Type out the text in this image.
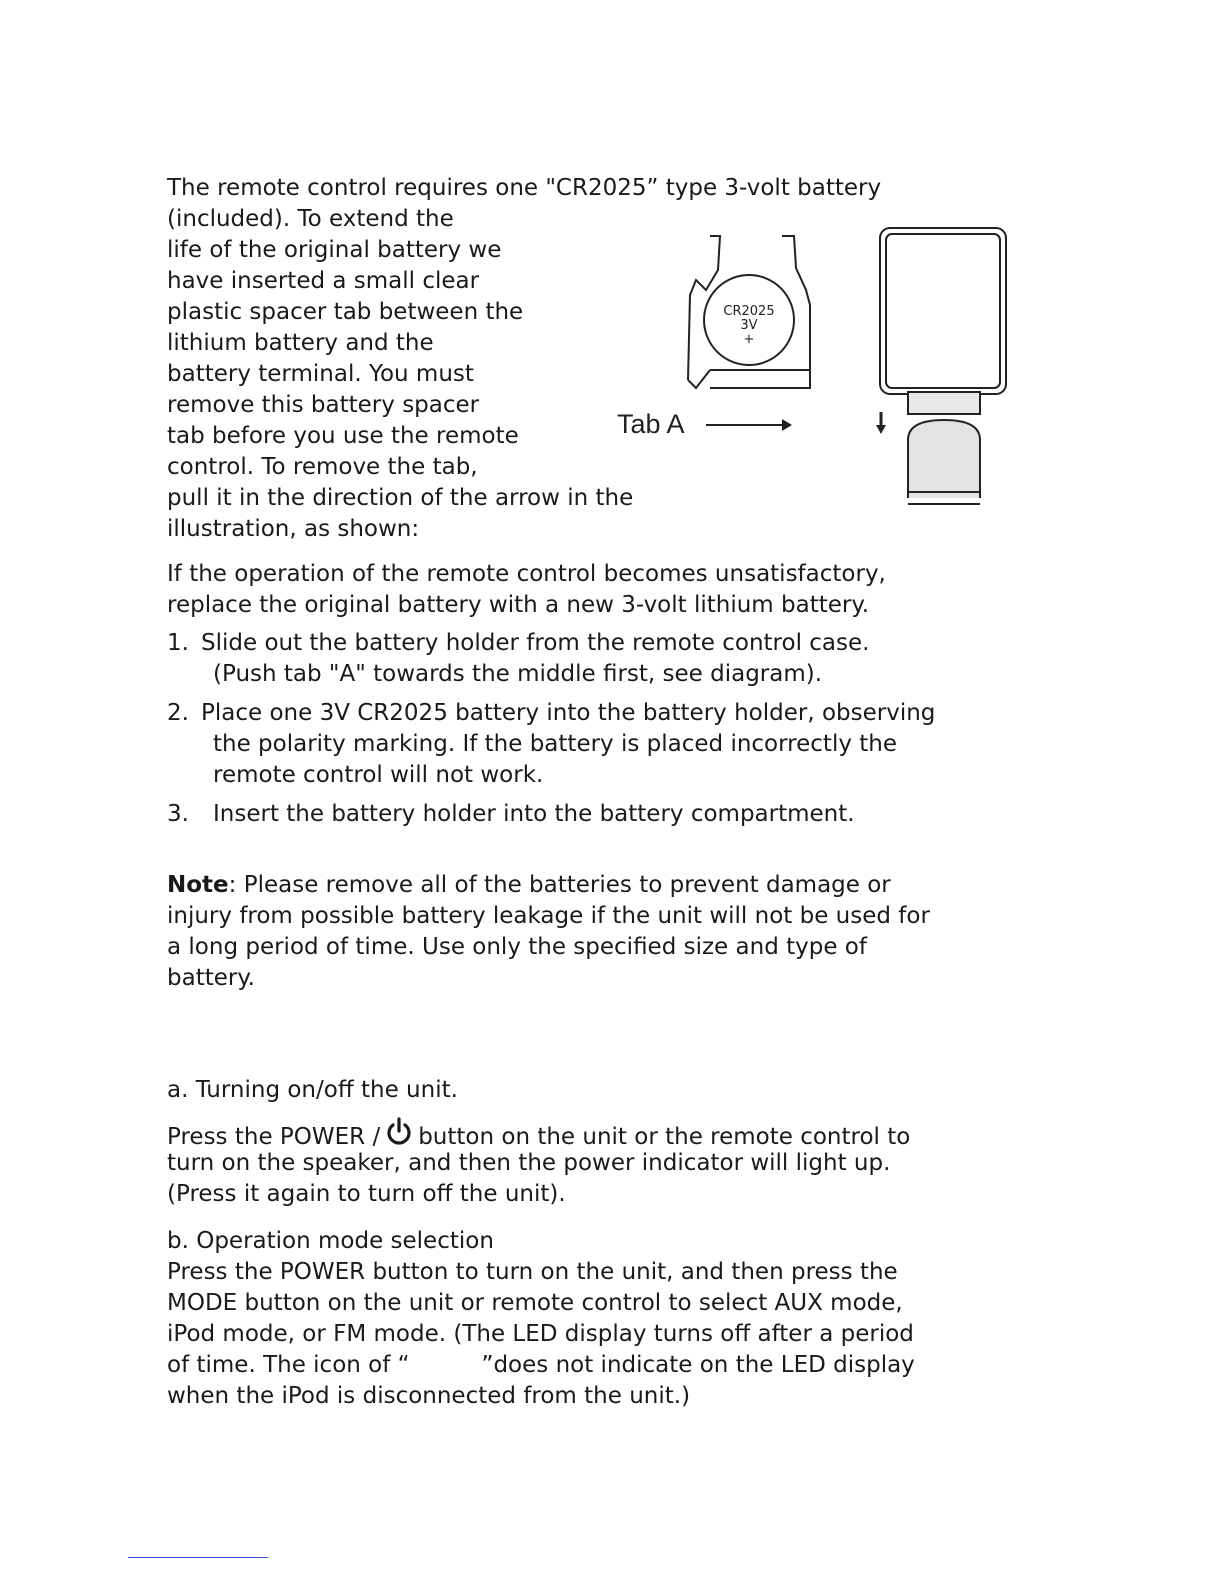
The remote control requires one "CR2025” type 3-volt battery

(included). To extend the

life of the original battery we

have inserted a small clear

plastic spacer tab between the

lithium battery and the

battery terminal. You must

remove this battery spacer

tab before you use the remote

control. To remove the tab,

pull it in the direction of the arrow in the

illustration, as shown:

CR2025
3V
+
Tab A

If the operation of the remote control becomes unsatisfactory,

replace the original battery with a new 3-volt lithium battery.

1. Slide out the battery holder from the remote control case.

(Push tab "A" towards the middle first, see diagram).

2. Place one 3V CR2025 battery into the battery holder, observing

the polarity marking. If the battery is placed incorrectly the

remote control will not work.

3. Insert the battery holder into the battery compartment.

Note: Please remove all of the batteries to prevent damage or

injury from possible battery leakage if the unit will not be used for

a long period of time. Use only the specified size and type of

battery.

a. Turning on/off the unit.

Press the POWER / button on the unit or the remote control to

turn on the speaker, and then the power indicator will light up.

(Press it again to turn off the unit).

b. Operation mode selection

Press the POWER button to turn on the unit, and then press the

MODE button on the unit or remote control to select AUX mode,

iPod mode, or FM mode. (The LED display turns off after a period

of time. The icon of “	”does not indicate on the LED display

when the iPod is disconnected from the unit.)
